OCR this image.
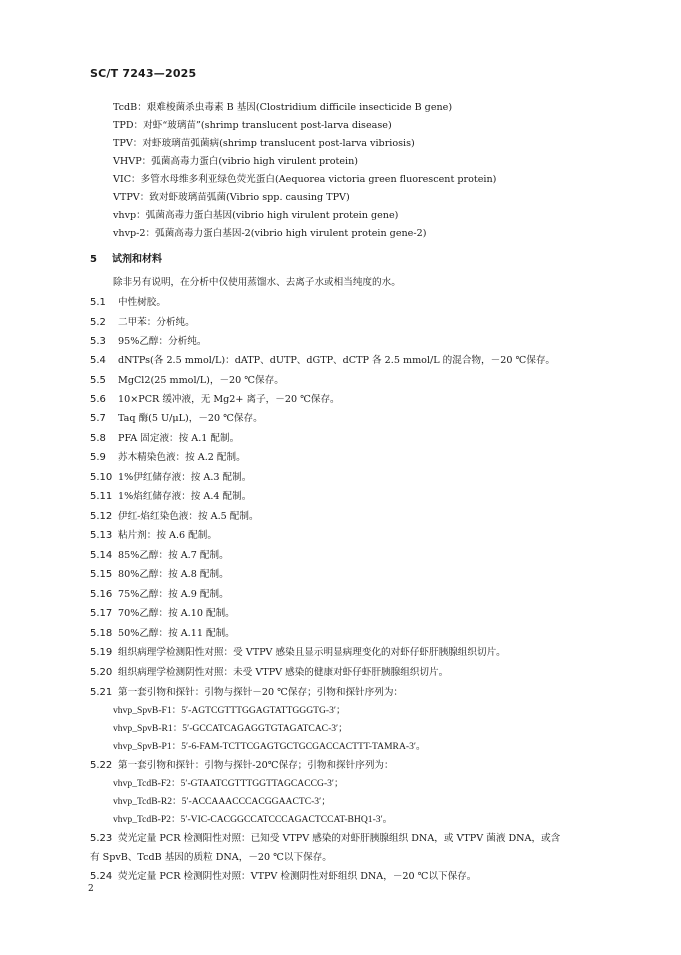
SC/T 7243—2025
TcdB：艰难梭菌杀虫毒素 B 基因(Clostridium difficile insecticide B gene)
TPD：对虾“玻璃苗”(shrimp translucent post-larva disease)
TPV：对虾玻璃苗弧菌病(shrimp translucent post-larva vibriosis)
VHVP：弧菌高毒力蛋白(vibrio high virulent protein)
VIC：多管水母维多利亚绿色荧光蛋白(Aequorea victoria green fluorescent protein)
VTPV：致对虾玻璃苗弧菌(Vibrio spp. causing TPV)
vhvp：弧菌高毒力蛋白基因(vibrio high virulent protein gene)
vhvp-2：弧菌高毒力蛋白基因-2(vibrio high virulent protein gene-2)
5 试剂和材料
除非另有说明，在分析中仅使用蒸馏水、去离子水或相当纯度的水。
5.1 中性树胶。
5.2 二甲苯：分析纯。
5.3 95%乙醇：分析纯。
5.4 dNTPs(各 2.5 mmol/L)：dATP、dUTP、dGTP、dCTP 各 2.5 mmol/L 的混合物，－20 ℃保存。
5.5 MgCl2(25 mmol/L)，－20 ℃保存。
5.6 10×PCR 缓冲液，无 Mg2+ 离子，－20 ℃保存。
5.7 Taq 酶(5 U/μL)，－20 ℃保存。
5.8 PFA 固定液：按 A.1 配制。
5.9 苏木精染色液：按 A.2 配制。
5.10 1%伊红储存液：按 A.3 配制。
5.11 1%焰红储存液：按 A.4 配制。
5.12 伊红-焰红染色液：按 A.5 配制。
5.13 粘片剂：按 A.6 配制。
5.14 85%乙醇：按 A.7 配制。
5.15 80%乙醇：按 A.8 配制。
5.16 75%乙醇：按 A.9 配制。
5.17 70%乙醇：按 A.10 配制。
5.18 50%乙醇：按 A.11 配制。
5.19 组织病理学检测阳性对照：受 VTPV 感染且显示明显病理变化的对虾仔虾肝胰腺组织切片。
5.20 组织病理学检测阴性对照：未受 VTPV 感染的健康对虾仔虾肝胰腺组织切片。
5.21 第一套引物和探针：引物与探针－20 ℃保存；引物和探针序列为：
vhvp_SpvB-F1：5′-AGTCGTTTGGAGTATTGGGTG-3′；
vhvp_SpvB-R1：5′-GCCATCAGAGGTGTAGATCAC-3′；
vhvp_SpvB-P1：5′-6-FAM-TCTTCGAGTGCTGCGACCACTTT-TAMRA-3′。
5.22 第一套引物和探针：引物与探针-20℃保存；引物和探针序列为：
vhvp_TcdB-F2：5′-GTAATCGTTTGGTTAGCACCG-3′；
vhvp_TcdB-R2：5′-ACCAAACCCACGGAACTC-3′；
vhvp_TcdB-P2：5′-VIC-CACGGCCATCCCAGACTCCAT-BHQ1-3′。
5.23 荧光定量 PCR 检测阳性对照：已知受 VTPV 感染的对虾肝胰腺组织 DNA，或 VTPV 菌液 DNA，或含
有 SpvB、TcdB 基因的质粒 DNA，－20 ℃以下保存。
5.24 荧光定量 PCR 检测阴性对照：VTPV 检测阴性对虾组织 DNA，－20 ℃以下保存。
2
